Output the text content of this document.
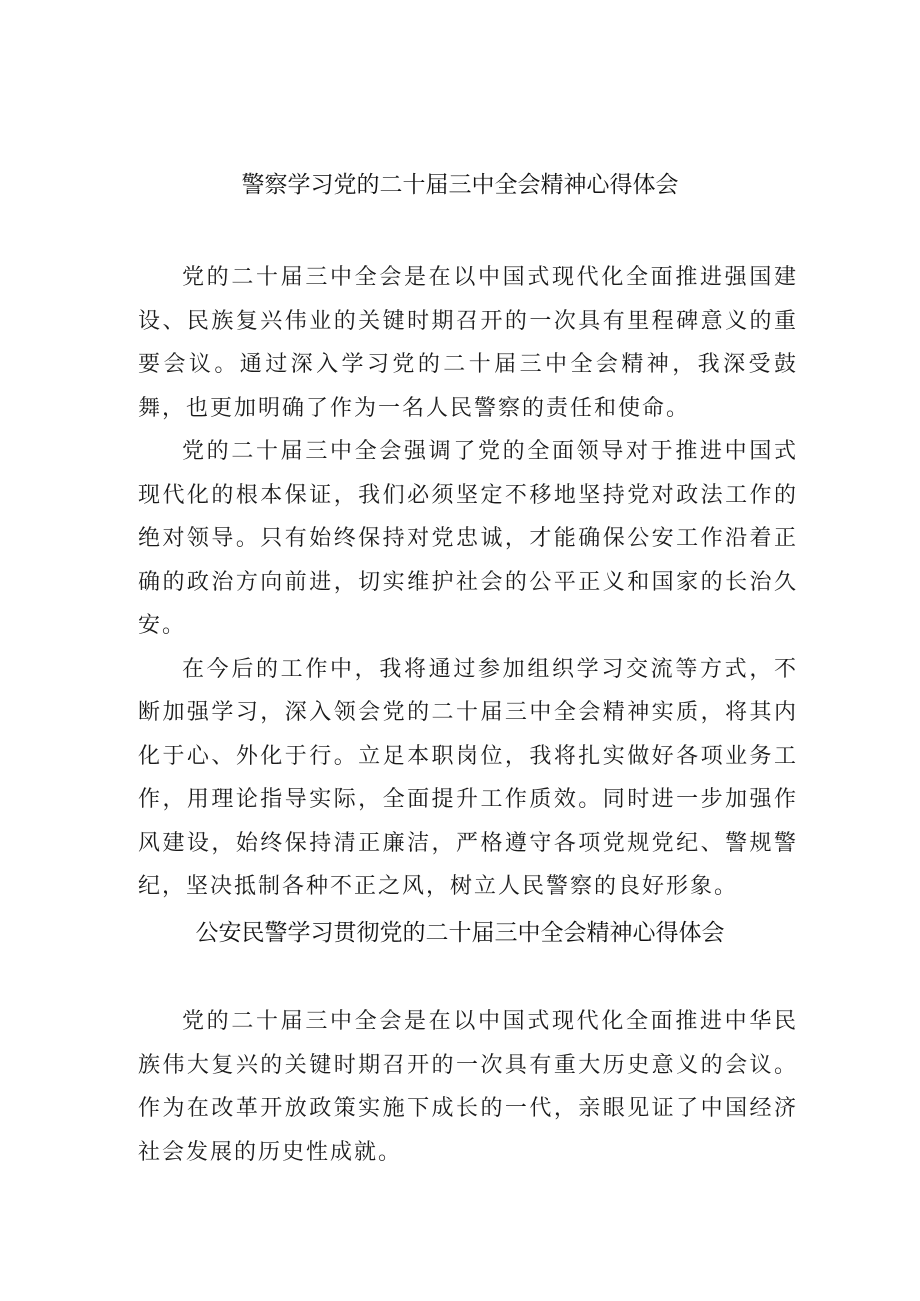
警察学习党的二十届三中全会精神心得体会

党的二十届三中全会是在以中国式现代化全面推进强国建设、民族复兴伟业的关键时期召开的一次具有里程碑意义的重要会议。通过深入学习党的二十届三中全会精神，我深受鼓舞，也更加明确了作为一名人民警察的责任和使命。

党的二十届三中全会强调了党的全面领导对于推进中国式现代化的根本保证，我们必须坚定不移地坚持党对政法工作的绝对领导。只有始终保持对党忠诚，才能确保公安工作沿着正确的政治方向前进，切实维护社会的公平正义和国家的长治久安。

在今后的工作中，我将通过参加组织学习交流等方式，不断加强学习，深入领会党的二十届三中全会精神实质，将其内化于心、外化于行。立足本职岗位，我将扎实做好各项业务工作，用理论指导实际，全面提升工作质效。同时进一步加强作风建设，始终保持清正廉洁，严格遵守各项党规党纪、警规警纪，坚决抵制各种不正之风，树立人民警察的良好形象。

公安民警学习贯彻党的二十届三中全会精神心得体会

党的二十届三中全会是在以中国式现代化全面推进中华民族伟大复兴的关键时期召开的一次具有重大历史意义的会议。作为在改革开放政策实施下成长的一代，亲眼见证了中国经济社会发展的历史性成就。
